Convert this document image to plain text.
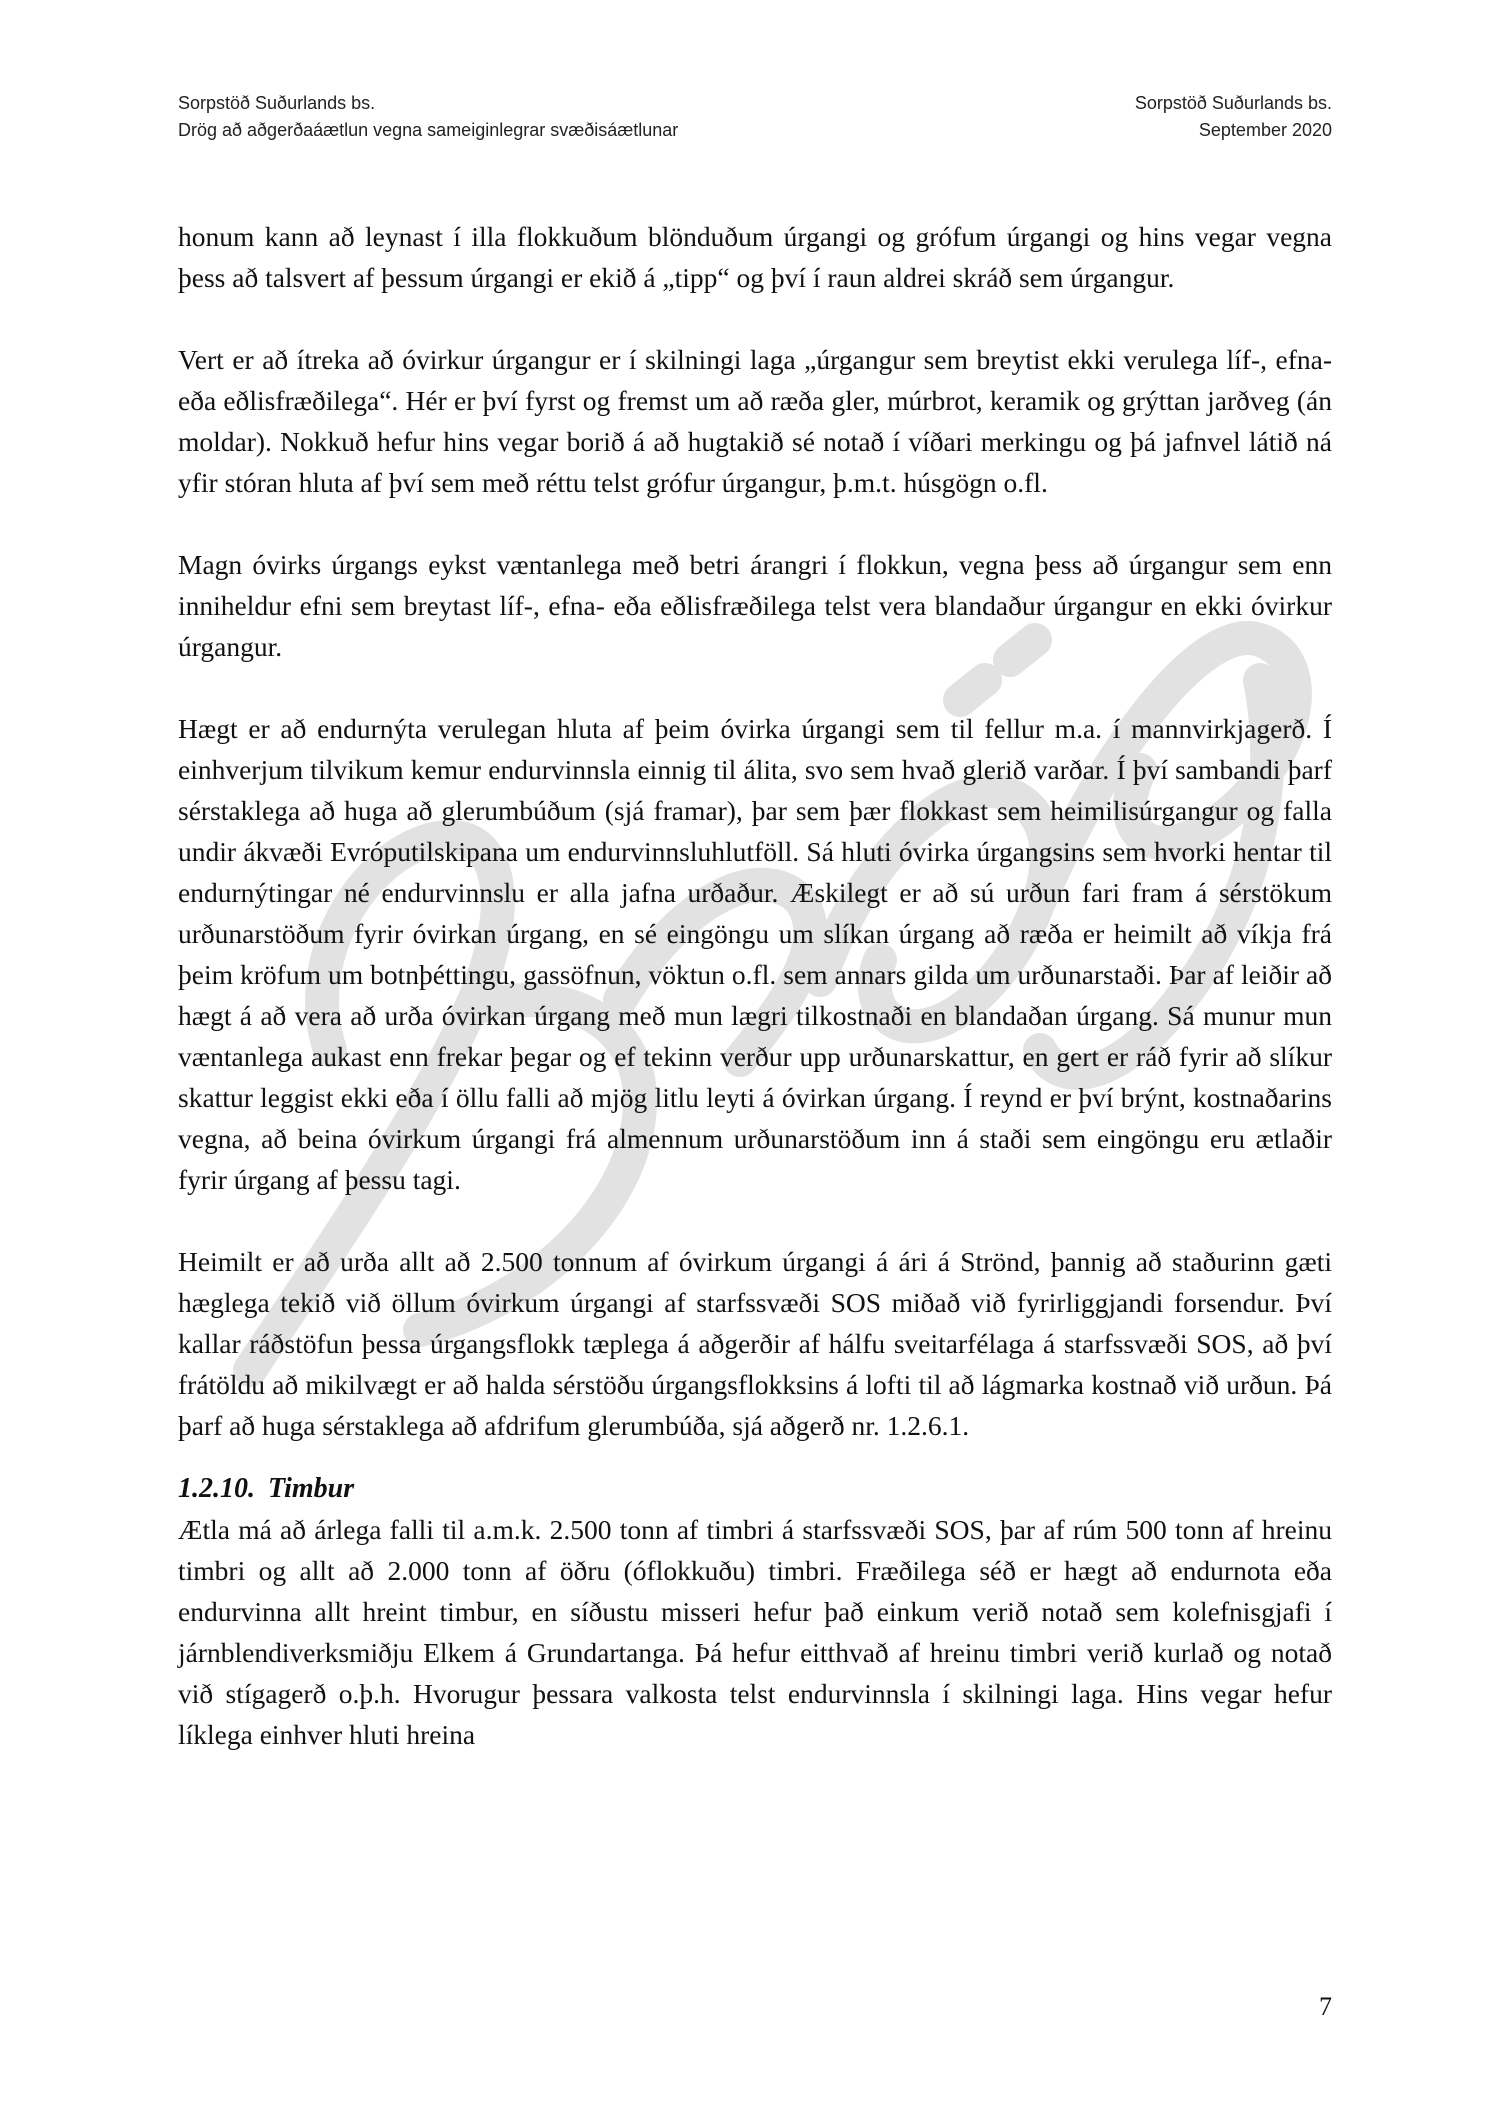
Sorpstöð Suðurlands bs.
Drög að aðgerðaáætlun vegna sameiginlegrar svæðisáætlunar
Sorpstöð Suðurlands bs.
September 2020

honum kann að leynast í illa flokkuðum blönduðum úrgangi og grófum úrgangi og hins vegar vegna þess að talsvert af þessum úrgangi er ekið á „tipp“ og því í raun aldrei skráð sem úrgangur.

Vert er að ítreka að óvirkur úrgangur er í skilningi laga „úrgangur sem breytist ekki verulega líf-, efna- eða eðlisfræðilega“. Hér er því fyrst og fremst um að ræða gler, múrbrot, keramik og grýttan jarðveg (án moldar). Nokkuð hefur hins vegar borið á að hugtakið sé notað í víðari merkingu og þá jafnvel látið ná yfir stóran hluta af því sem með réttu telst grófur úrgangur, þ.m.t. húsgögn o.fl.

Magn óvirks úrgangs eykst væntanlega með betri árangri í flokkun, vegna þess að úrgangur sem enn inniheldur efni sem breytast líf-, efna- eða eðlisfræðilega telst vera blandaður úrgangur en ekki óvirkur úrgangur.

Hægt er að endurnýta verulegan hluta af þeim óvirka úrgangi sem til fellur m.a. í mannvirkjagerð. Í einhverjum tilvikum kemur endurvinnsla einnig til álita, svo sem hvað glerið varðar. Í því sambandi þarf sérstaklega að huga að glerumbúðum (sjá framar), þar sem þær flokkast sem heimilisúrgangur og falla undir ákvæði Evróputilskipana um endurvinnsluhlutföll. Sá hluti óvirka úrgangsins sem hvorki hentar til endurnýtingar né endurvinnslu er alla jafna urðaður. Æskilegt er að sú urðun fari fram á sérstökum urðunarstöðum fyrir óvirkan úrgang, en sé eingöngu um slíkan úrgang að ræða er heimilt að víkja frá þeim kröfum um botnþéttingu, gassöfnun, vöktun o.fl. sem annars gilda um urðunarstaði. Þar af leiðir að hægt á að vera að urða óvirkan úrgang með mun lægri tilkostnaði en blandaðan úrgang. Sá munur mun væntanlega aukast enn frekar þegar og ef tekinn verður upp urðunarskattur, en gert er ráð fyrir að slíkur skattur leggist ekki eða í öllu falli að mjög litlu leyti á óvirkan úrgang. Í reynd er því brýnt, kostnaðarins vegna, að beina óvirkum úrgangi frá almennum urðunarstöðum inn á staði sem eingöngu eru ætlaðir fyrir úrgang af þessu tagi.

Heimilt er að urða allt að 2.500 tonnum af óvirkum úrgangi á ári á Strönd, þannig að staðurinn gæti hæglega tekið við öllum óvirkum úrgangi af starfssvæði SOS miðað við fyrirliggjandi forsendur. Því kallar ráðstöfun þessa úrgangsflokk tæplega á aðgerðir af hálfu sveitarfélaga á starfssvæði SOS, að því frátöldu að mikilvægt er að halda sérstöðu úrgangsflokksins á lofti til að lágmarka kostnað við urðun. Þá þarf að huga sérstaklega að afdrifum glerumbúða, sjá aðgerð nr. 1.2.6.1.

1.2.10. Timbur

Ætla má að árlega falli til a.m.k. 2.500 tonn af timbri á starfssvæði SOS, þar af rúm 500 tonn af hreinu timbri og allt að 2.000 tonn af öðru (óflokkuðu) timbri. Fræðilega séð er hægt að endurnota eða endurvinna allt hreint timbur, en síðustu misseri hefur það einkum verið notað sem kolefnisgjafi í járnblendiverksmiðju Elkem á Grundartanga. Þá hefur eitthvað af hreinu timbri verið kurlað og notað við stígagerð o.þ.h. Hvorugur þessara valkosta telst endurvinnsla í skilningi laga. Hins vegar hefur líklega einhver hluti hreina

7
